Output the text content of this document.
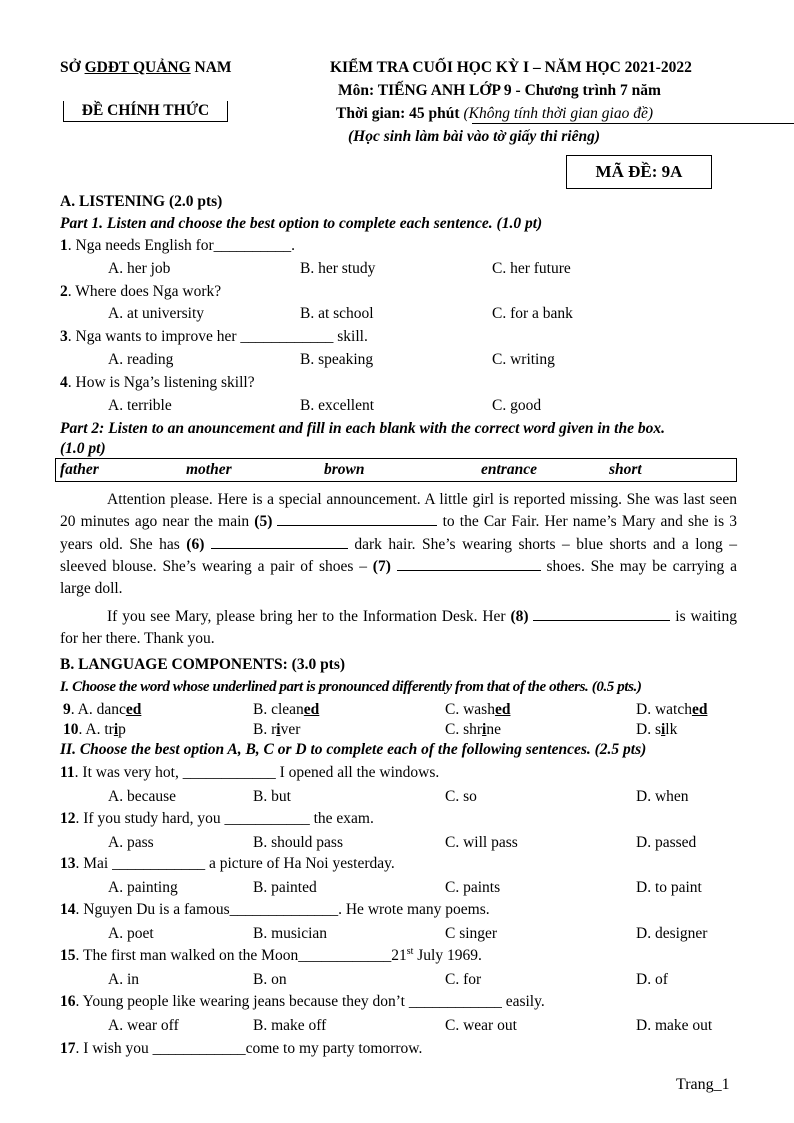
SỞ GDĐT QUẢNG NAM
ĐỀ CHÍNH THỨC
KIỂM TRA CUỐI HỌC KỲ I – NĂM HỌC 2021-2022
Môn: TIẾNG ANH LỚP 9 - Chương trình 7 năm
Thời gian: 45 phút (Không tính thời gian giao đề)
(Học sinh làm bài vào tờ giấy thi riêng)
MÃ ĐỀ: 9A
A. LISTENING (2.0 pts)
Part 1. Listen and choose the best option to complete each sentence. (1.0 pt)
1. Nga needs English for__________.
A. her job	B. her study	C. her future
2. Where does Nga work?
A. at university	B. at school	C. for a bank
3. Nga wants to improve her ____________ skill.
A. reading	B. speaking	C. writing
4. How is Nga’s listening skill?
A. terrible	B. excellent	C. good
Part 2: Listen to an anouncement and fill in each blank with the correct word given in the box.
(1.0 pt)
father	mother	brown	entrance	short
Attention please. Here is a special announcement. A little girl is reported missing. She was last seen 20 minutes ago near the main (5)	to the Car Fair. Her name’s Mary and she is 3 years old. She has (6)	dark hair. She’s wearing shorts – blue shorts and a long – sleeved blouse. She’s wearing a pair of shoes – (7)	shoes. She may be carrying a large doll.
If you see Mary, please bring her to the Information Desk. Her (8)	is waiting for her there. Thank you.
B. LANGUAGE COMPONENTS: (3.0 pts)
I. Choose the word whose underlined part is pronounced differently from that of the others. (0.5 pts.)
9. A. danced	B. cleaned	C. washed	D. watched
10. A. trip	B. river	C. shrine	D. silk
II. Choose the best option A, B, C or D to complete each of the following sentences. (2.5 pts)
11. It was very hot, ____________ I opened all the windows.
A. because	B. but	C. so	D. when
12. If you study hard, you ___________ the exam.
A. pass	B. should pass	C. will pass	D. passed
13. Mai ____________ a picture of Ha Noi yesterday.
A. painting	B. painted	C. paints	D. to paint
14. Nguyen Du is a famous______________. He wrote many poems.
A. poet	B. musician	C singer	D. designer
15. The first man walked on the Moon____________21st July 1969.
A. in	B. on	C. for	D. of
16. Young people like wearing jeans because they don’t ____________ easily.
A. wear off	B. make off	C. wear out	D. make out
17. I wish you ____________come to my party tomorrow.
Trang_1
